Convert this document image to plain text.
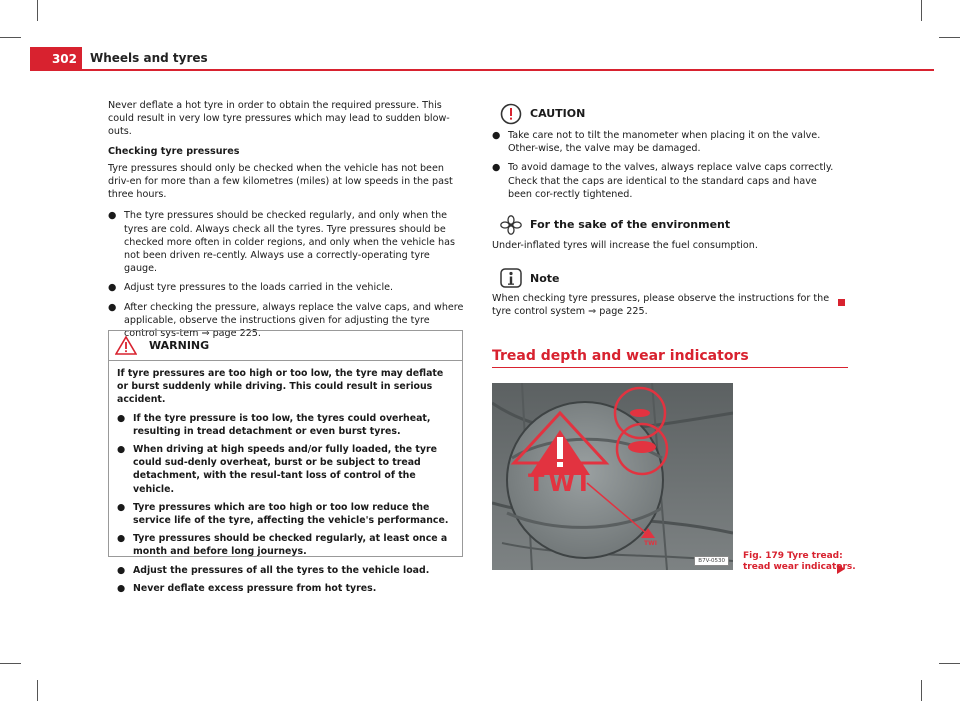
302	Wheels and tyres

Never deflate a hot tyre in order to obtain the required pressure. This could result in very low tyre pressures which may lead to sudden blow-outs.

Checking tyre pressures

Tyre pressures should only be checked when the vehicle has not been driv-en for more than a few kilometres (miles) at low speeds in the past three hours.

● The tyre pressures should be checked regularly, and only when the tyres are cold. Always check all the tyres. Tyre pressures should be checked more often in colder regions, and only when the vehicle has not been driven re-cently. Always use a correctly-operating tyre gauge.
● Adjust tyre pressures to the loads carried in the vehicle.
● After checking the pressure, always replace the valve caps, and where applicable, observe the instructions given for adjusting the tyre control sys-tem ⇒ page 225.
WARNING

If tyre pressures are too high or too low, the tyre may deflate or burst suddenly while driving. This could result in serious accident.

● If the tyre pressure is too low, the tyres could overheat, resulting in tread detachment or even burst tyres.
● When driving at high speeds and/or fully loaded, the tyre could sud-denly overheat, burst or be subject to tread detachment, with the resul-tant loss of control of the vehicle.
● Tyre pressures which are too high or too low reduce the service life of the tyre, affecting the vehicle's performance.
● Tyre pressures should be checked regularly, at least once a month and before long journeys.
● Adjust the pressures of all the tyres to the vehicle load.
● Never deflate excess pressure from hot tyres.
CAUTION
● Take care not to tilt the manometer when placing it on the valve. Other-wise, the valve may be damaged.
● To avoid damage to the valves, always replace valve caps correctly. Check that the caps are identical to the standard caps and have been cor-rectly tightened.
For the sake of the environment

Under-inflated tyres will increase the fuel consumption.

Note

When checking tyre pressures, please observe the instructions for the tyre control system ⇒ page 225.

Tread depth and wear indicators
TWI
TWI
B7V-0530	Fig. 179 Tyre tread:
tread wear indicators.
